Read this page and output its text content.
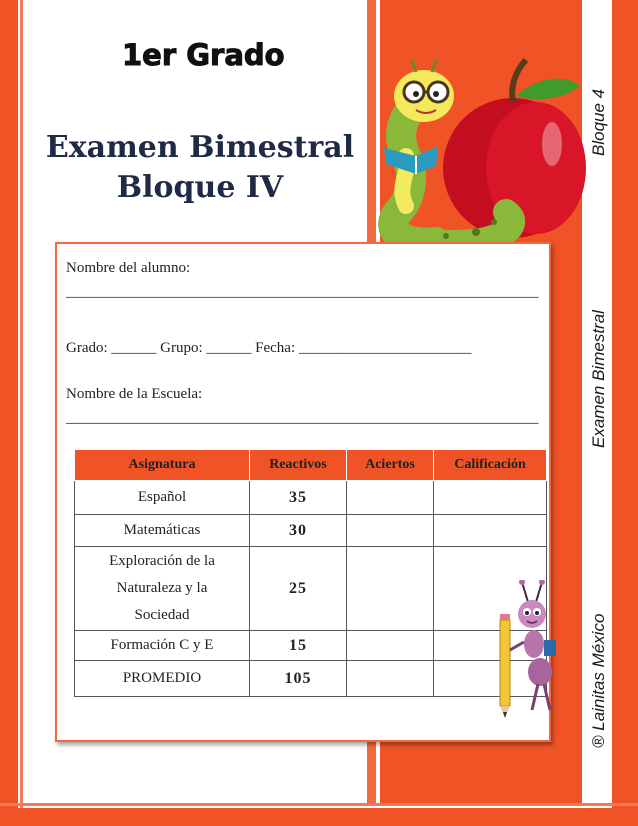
Bloque 4
Examen Bimestral
® Lainitas México
1er Grado
Examen Bimestral
Bloque IV
Nombre del alumno:
_______________________________________________________________
Grado: ______ Grupo: ______ Fecha: _______________________
Nombre de la Escuela:
_______________________________________________________________
Asignatura	Reactivos	Aciertos	Calificación
Español	35		
Matemáticas	30		

Exploración de la
Naturaleza y la
Sociedad	25		
Formación C y E	15		
PROMEDIO	105		
